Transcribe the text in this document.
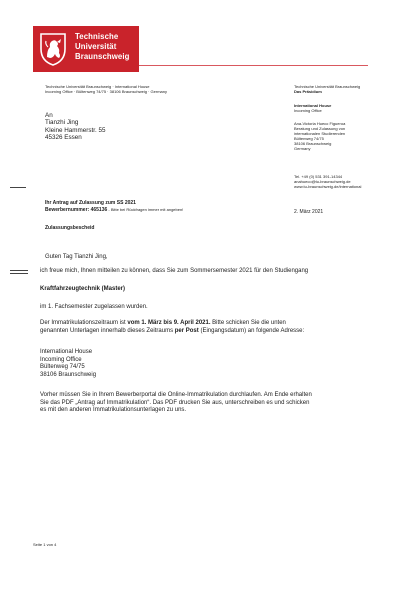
Technische
Universität
Braunschweig
Technische Universität Braunschweig · International House
Incoming Office · Bültenweg 74/75 · 38106 Braunschweig · Germany
An
Tianzhi Jing
Kleine Hammerstr. 55
45326 Essen
Technische Universität Braunschweig
Das Präsidium
International House
Incoming Office
Ana-Victoria Hueco Figueroa
Beratung und Zulassung von
internationalen Studierenden
Bültenweg 74/75
38106 Braunschweig
Germany
Tel. +49 (0) 531 391-14344
anahueco@tu-braunschweig.de
www.tu-braunschweig.de/international
2. März 2021
Ihr Antrag auf Zulassung zum SS 2021
Bewerbernummer: 465136 - Bitte bei Rückfragen immer mit angeben!
Zulassungsbescheid
Guten Tag Tianzhi Jing,
ich freue mich, Ihnen mitteilen zu können, dass Sie zum Sommersemester 2021 für den Studiengang
Kraftfahrzeugtechnik (Master)
im 1. Fachsemester zugelassen wurden.
Der Immatrikulationszeitraum ist vom 1. März bis 9. April 2021. Bitte schicken Sie die unten
genannten Unterlagen innerhalb dieses Zeitraums per Post (Eingangsdatum) an folgende Adresse:
International House
Incoming Office
Bültenweg 74/75
38106 Braunschweig
Vorher müssen Sie in Ihrem Bewerberportal die Online-Immatrikulation durchlaufen. Am Ende erhalten
Sie das PDF „Antrag auf Immatrikulation“. Das PDF drucken Sie aus, unterschreiben es und schicken
es mit den anderen Immatrikulationsunterlagen zu uns.
Seite 1 von 4
